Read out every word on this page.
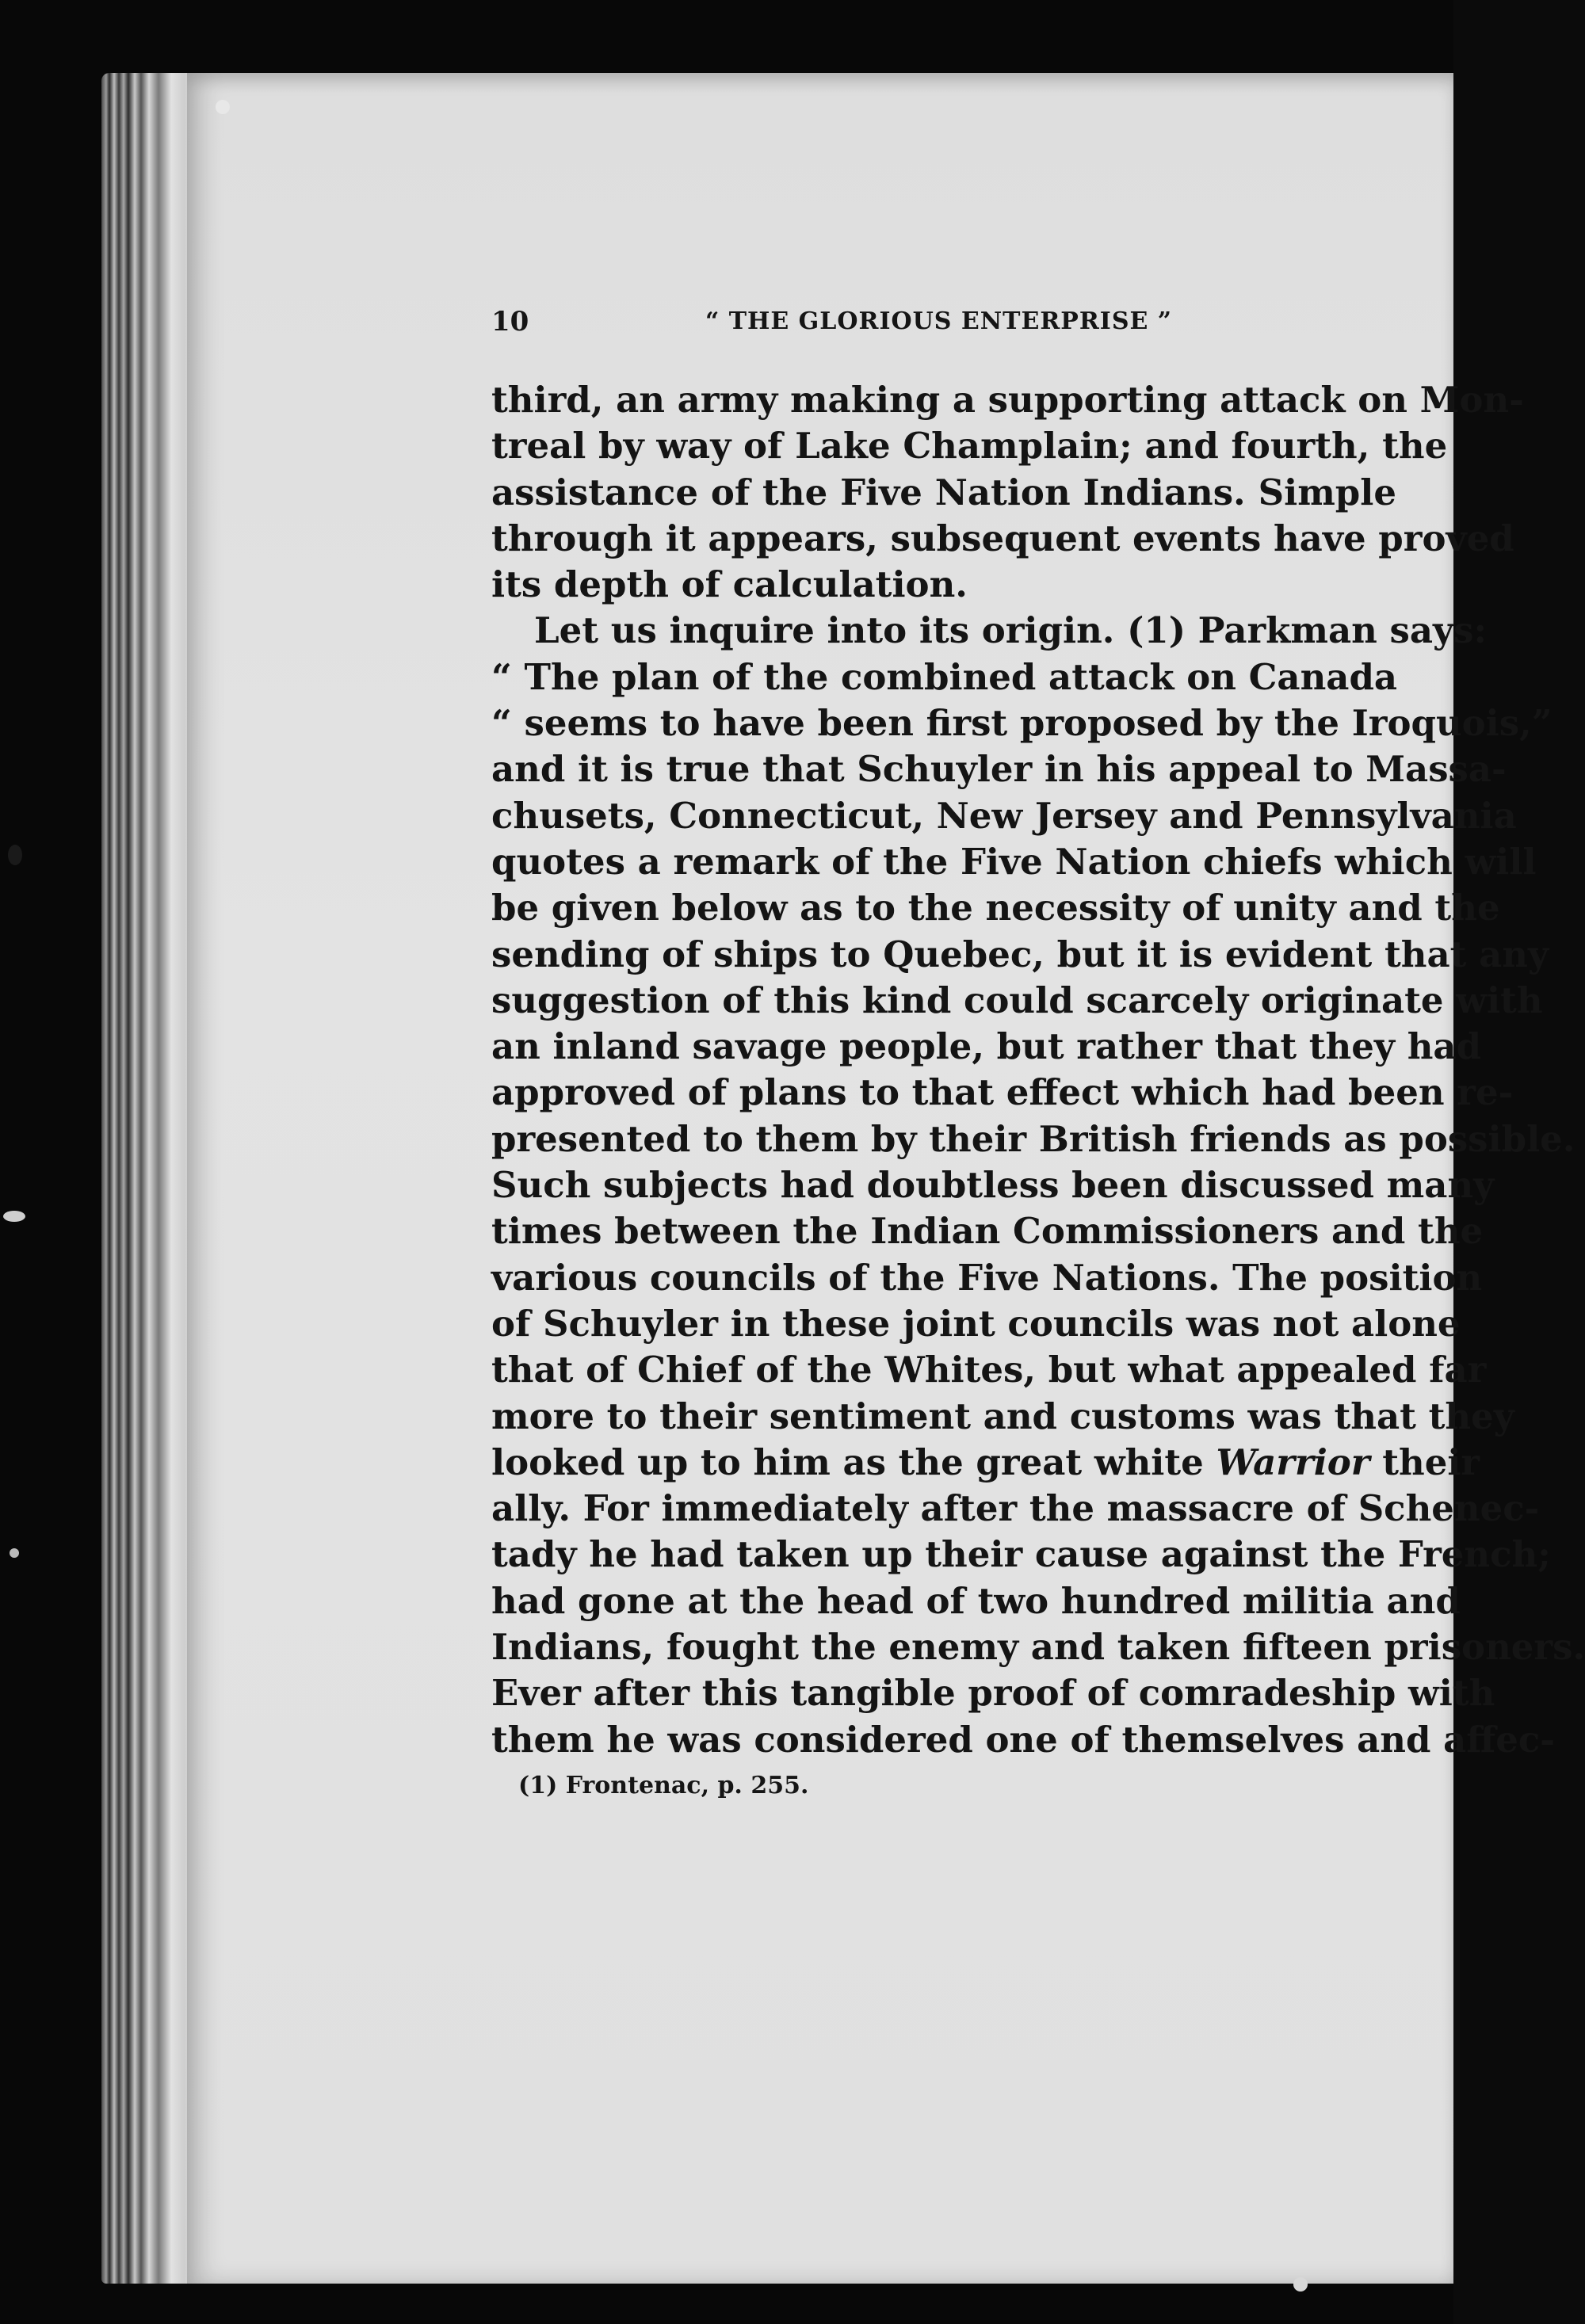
10	“ THE GLORIOUS ENTERPRISE ”
third, an army making a supporting attack on Mon-
treal by way of Lake Champlain; and fourth, the
assistance of the Five Nation Indians. Simple
through it appears, subsequent events have proved
its depth of calculation.
Let us inquire into its origin. (1) Parkman says:
“ The plan of the combined attack on Canada
“ seems to have been first proposed by the Iroquois,”
and it is true that Schuyler in his appeal to Massa-
chusets, Connecticut, New Jersey and Pennsylvania
quotes a remark of the Five Nation chiefs which will
be given below as to the necessity of unity and the
sending of ships to Quebec, but it is evident that any
suggestion of this kind could scarcely originate with
an inland savage people, but rather that they had
approved of plans to that effect which had been re-
presented to them by their British friends as possible.
Such subjects had doubtless been discussed many
times between the Indian Commissioners and the
various councils of the Five Nations. The position
of Schuyler in these joint councils was not alone
that of Chief of the Whites, but what appealed far
more to their sentiment and customs was that they
looked up to him as the great white Warrior their
ally. For immediately after the massacre of Schenec-
tady he had taken up their cause against the French;
had gone at the head of two hundred militia and
Indians, fought the enemy and taken fifteen prisoners.
Ever after this tangible proof of comradeship with
them he was considered one of themselves and affec-
(1) Frontenac, p. 255.
